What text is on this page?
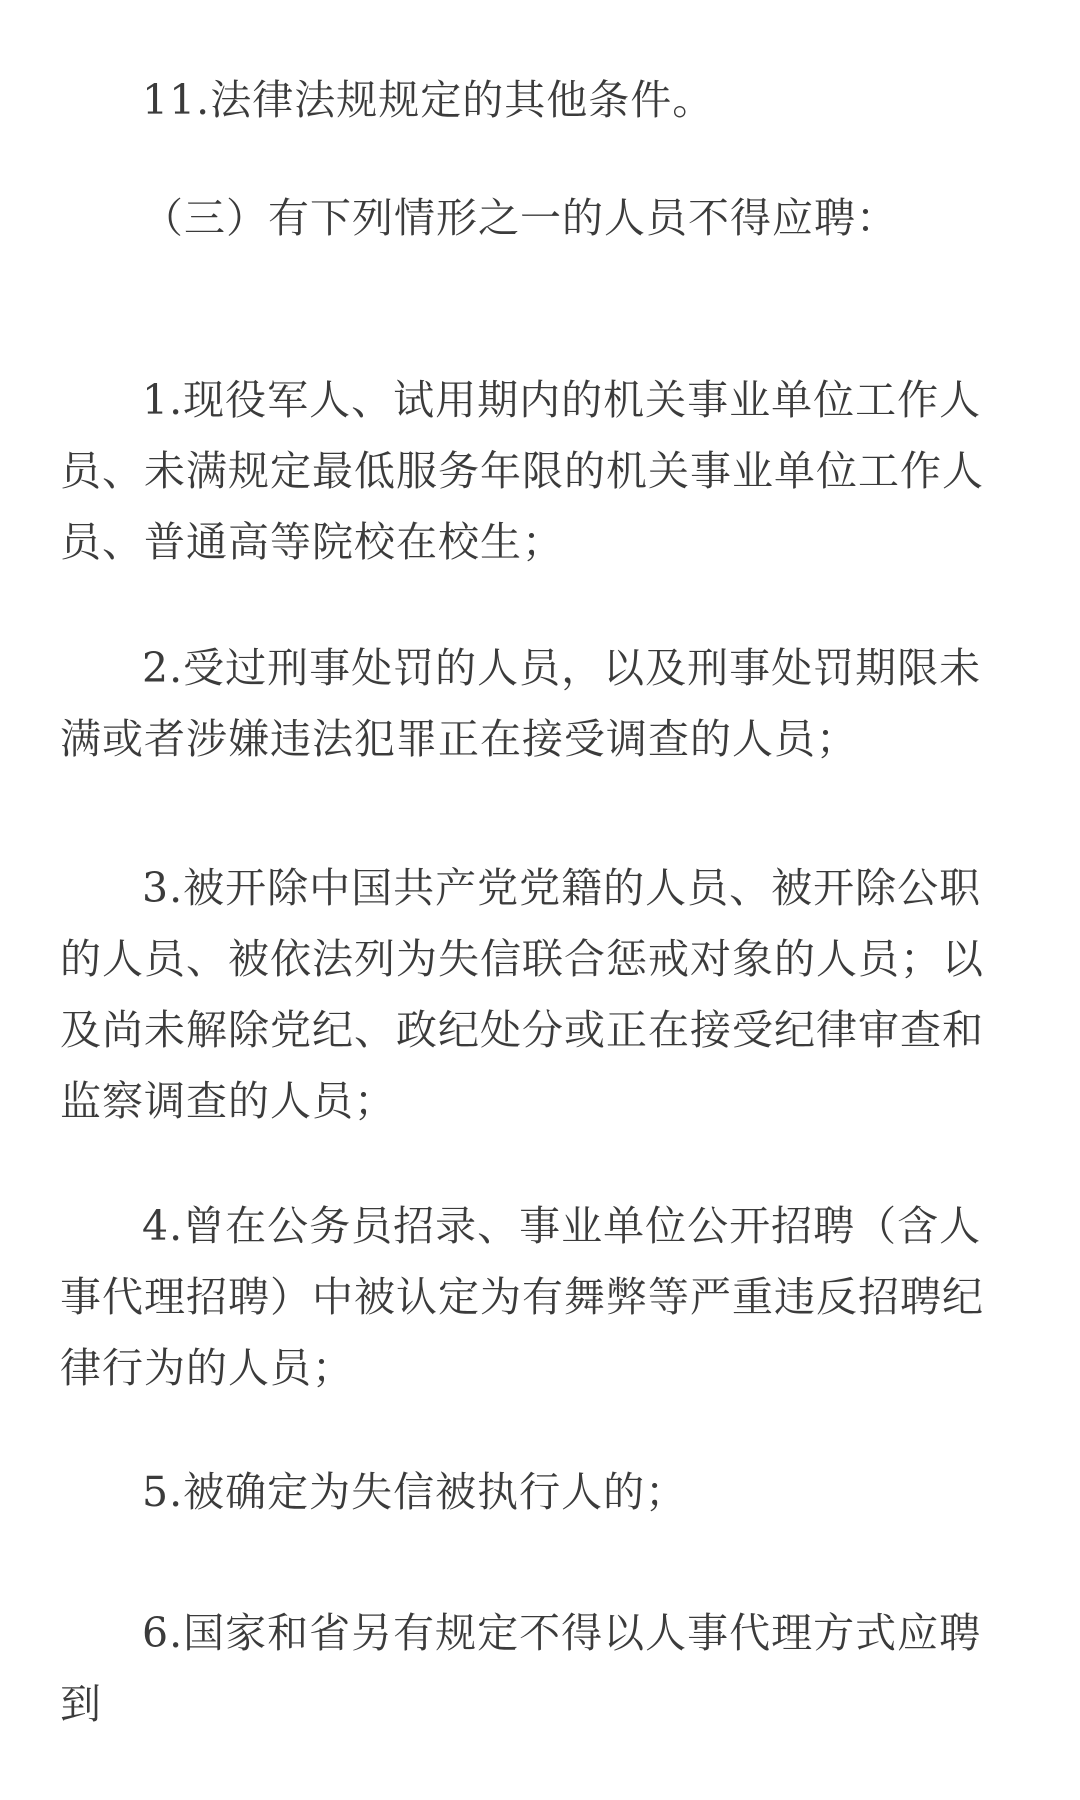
11.法律法规规定的其他条件。

（三）有下列情形之一的人员不得应聘：

1.现役军人、试用期内的机关事业单位工作人员、未满规定最低服务年限的机关事业单位工作人员、普通高等院校在校生；

2.受过刑事处罚的人员，以及刑事处罚期限未满或者涉嫌违法犯罪正在接受调查的人员；

3.被开除中国共产党党籍的人员、被开除公职的人员、被依法列为失信联合惩戒对象的人员；以及尚未解除党纪、政纪处分或正在接受纪律审查和监察调查的人员；

4.曾在公务员招录、事业单位公开招聘（含人事代理招聘）中被认定为有舞弊等严重违反招聘纪律行为的人员；

5.被确定为失信被执行人的；

6.国家和省另有规定不得以人事代理方式应聘到
